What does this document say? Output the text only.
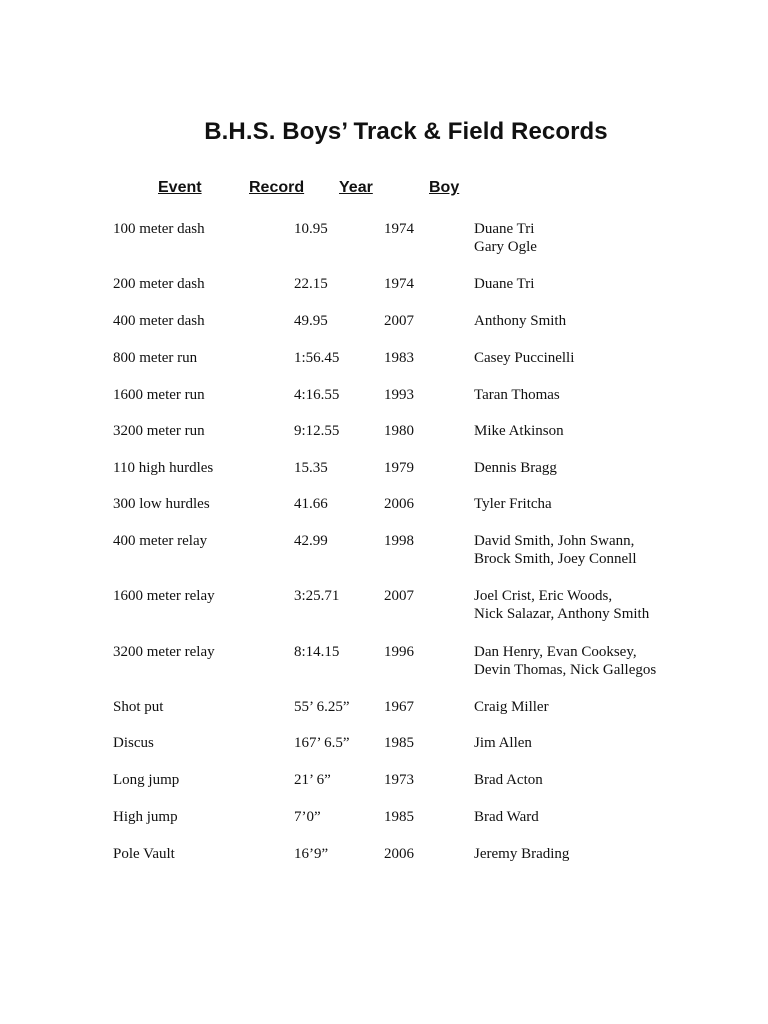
B.H.S. Boys’ Track & Field Records
Event	Record Year	Boy
100 meter dash	10.95	1974	Duane Tri
Gary Ogle
200 meter dash	22.15	1974	Duane Tri
400 meter dash	49.95	2007	Anthony Smith
800 meter run	1:56.45	1983	Casey Puccinelli
1600 meter run	4:16.55	1993	Taran Thomas
3200 meter run	9:12.55	1980	Mike Atkinson
110 high hurdles	15.35	1979	Dennis Bragg
300 low hurdles	41.66	2006	Tyler Fritcha
400 meter relay	42.99	1998	David Smith, John Swann,
Brock Smith, Joey Connell
1600 meter relay	3:25.71	2007	Joel Crist, Eric Woods,
Nick Salazar, Anthony Smith
3200 meter relay	8:14.15	1996	Dan Henry, Evan Cooksey,
Devin Thomas, Nick Gallegos
Shot put	55’ 6.25” 1967	Craig Miller
Discus	167’ 6.5” 1985	Jim Allen
Long jump	21’ 6”	1973	Brad Acton
High jump	7’0”	1985	Brad Ward
Pole Vault	16’9”	2006	Jeremy Brading
